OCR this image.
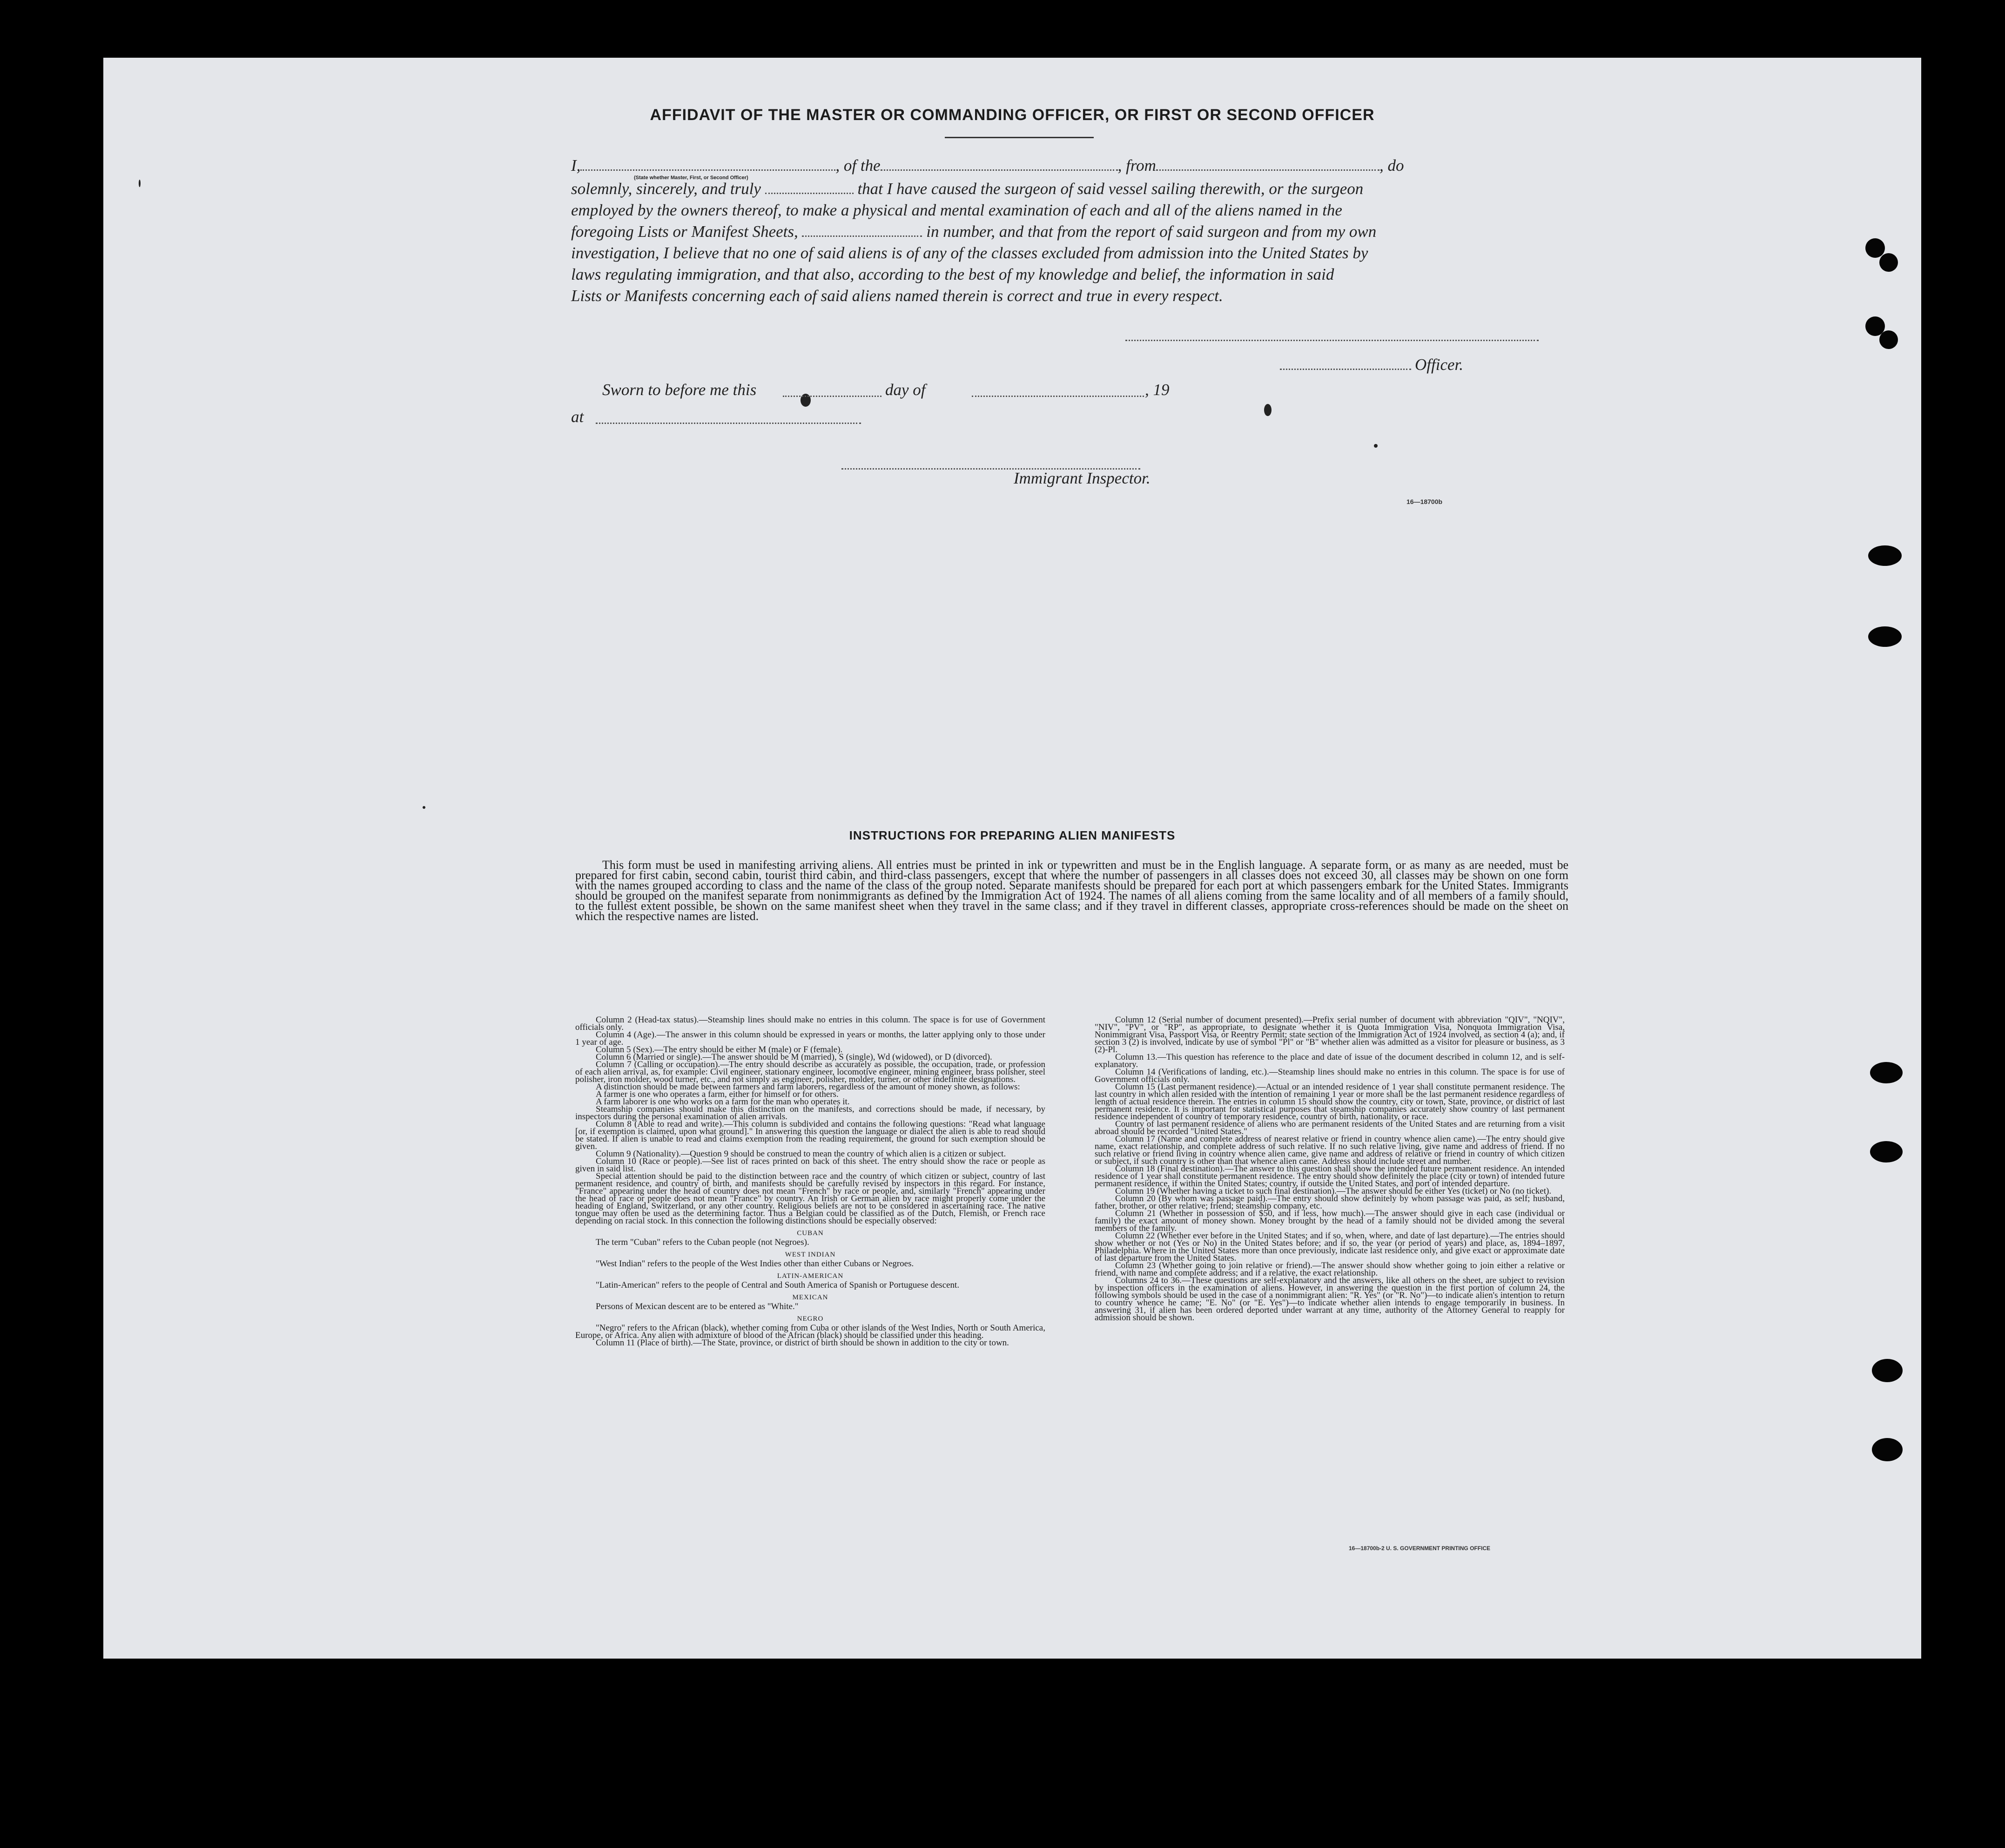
AFFIDAVIT OF THE MASTER OR COMMANDING OFFICER, OR FIRST OR SECOND OFFICER
I,	, of the	, from	, do
(State whether Master, First, or Second Officer)
solemnly, sincerely, and truly	that I have caused the surgeon of said vessel sailing therewith, or the surgeon
employed by the owners thereof, to make a physical and mental examination of each and all of the aliens named in the
foregoing Lists or Manifest Sheets,	in number, and that from the report of said surgeon and from my own
investigation, I believe that no one of said aliens is of any of the classes excluded from admission into the United States by
laws regulating immigration, and that also, according to the best of my knowledge and belief, the information in said
Lists or Manifests concerning each of said aliens named therein is correct and true in every respect.
Officer.
Sworn to before me this	day of	, 19
at
Immigrant Inspector.
16—18700b
INSTRUCTIONS FOR PREPARING ALIEN MANIFESTS
This form must be used in manifesting arriving aliens. All entries must be printed in ink or typewritten and must be in the English language. A separate form, or as many as are needed, must be prepared for first cabin, second cabin, tourist third cabin, and third-class passengers, except that where the number of passengers in all classes does not exceed 30, all classes may be shown on one form with the names grouped according to class and the name of the class of the group noted. Separate manifests should be prepared for each port at which passengers embark for the United States. Immigrants should be grouped on the manifest separate from nonimmigrants as defined by the Immigration Act of 1924. The names of all aliens coming from the same locality and of all members of a family should, to the fullest extent possible, be shown on the same manifest sheet when they travel in the same class; and if they travel in different classes, appropriate cross-references should be made on the sheet on which the respective names are listed.

Column 2 (Head-tax status).—Steamship lines should make no entries in this column. The space is for use of Government officials only.

Column 4 (Age).—The answer in this column should be expressed in years or months, the latter applying only to those under 1 year of age.

Column 5 (Sex).—The entry should be either M (male) or F (female).

Column 6 (Married or single).—The answer should be M (married), S (single), Wd (widowed), or D (divorced).

Column 7 (Calling or occupation).—The entry should describe as accurately as possible, the occupation, trade, or profession of each alien arrival, as, for example: Civil engineer, stationary engineer, locomotive engineer, mining engineer, brass polisher, steel polisher, iron molder, wood turner, etc., and not simply as engineer, polisher, molder, turner, or other indefinite designations.

A distinction should be made between farmers and farm laborers, regardless of the amount of money shown, as follows:

A farmer is one who operates a farm, either for himself or for others.

A farm laborer is one who works on a farm for the man who operates it.

Steamship companies should make this distinction on the manifests, and corrections should be made, if necessary, by inspectors during the personal examination of alien arrivals.

Column 8 (Able to read and write).—This column is subdivided and contains the following questions: "Read what language [or, if exemption is claimed, upon what ground]." In answering this question the language or dialect the alien is able to read should be stated. If alien is unable to read and claims exemption from the reading requirement, the ground for such exemption should be given.

Column 9 (Nationality).—Question 9 should be construed to mean the country of which alien is a citizen or subject.

Column 10 (Race or people).—See list of races printed on back of this sheet. The entry should show the race or people as given in said list.

Special attention should be paid to the distinction between race and the country of which citizen or subject, country of last permanent residence, and country of birth, and manifests should be carefully revised by inspectors in this regard. For instance, "France" appearing under the head of country does not mean "French" by race or people, and, similarly "French" appearing under the head of race or people does not mean "France" by country. An Irish or German alien by race might properly come under the heading of England, Switzerland, or any other country. Religious beliefs are not to be considered in ascertaining race. The native tongue may often be used as the determining factor. Thus a Belgian could be classified as of the Dutch, Flemish, or French race depending on racial stock. In this connection the following distinctions should be especially observed:

CUBAN

The term "Cuban" refers to the Cuban people (not Negroes).

WEST INDIAN

"West Indian" refers to the people of the West Indies other than either Cubans or Negroes.

LATIN-AMERICAN

"Latin-American" refers to the people of Central and South America of Spanish or Portuguese descent.

MEXICAN

Persons of Mexican descent are to be entered as "White."

NEGRO

"Negro" refers to the African (black), whether coming from Cuba or other islands of the West Indies, North or South America, Europe, or Africa. Any alien with admixture of blood of the African (black) should be classified under this heading.

Column 11 (Place of birth).—The State, province, or district of birth should be shown in addition to the city or town.

Column 12 (Serial number of document presented).—Prefix serial number of document with abbreviation "QIV", "NQIV", "NIV", "PV", or "RP", as appropriate, to designate whether it is Quota Immigration Visa, Nonquota Immigration Visa, Nonimmigrant Visa, Passport Visa, or Reentry Permit; state section of the Immigration Act of 1924 involved, as section 4 (a); and, if section 3 (2) is involved, indicate by use of symbol "Pl" or "B" whether alien was admitted as a visitor for pleasure or business, as 3 (2)-Pl.

Column 13.—This question has reference to the place and date of issue of the document described in column 12, and is self-explanatory.

Column 14 (Verifications of landing, etc.).—Steamship lines should make no entries in this column. The space is for use of Government officials only.

Column 15 (Last permanent residence).—Actual or an intended residence of 1 year shall constitute permanent residence. The last country in which alien resided with the intention of remaining 1 year or more shall be the last permanent residence regardless of length of actual residence therein. The entries in column 15 should show the country, city or town, State, province, or district of last permanent residence. It is important for statistical purposes that steamship companies accurately show country of last permanent residence independent of country of temporary residence, country of birth, nationality, or race.

Country of last permanent residence of aliens who are permanent residents of the United States and are returning from a visit abroad should be recorded "United States."

Column 17 (Name and complete address of nearest relative or friend in country whence alien came).—The entry should give name, exact relationship, and complete address of such relative. If no such relative living, give name and address of friend. If no such relative or friend living in country whence alien came, give name and address of relative or friend in country of which citizen or subject, if such country is other than that whence alien came. Address should include street and number.

Column 18 (Final destination).—The answer to this question shall show the intended future permanent residence. An intended residence of 1 year shall constitute permanent residence. The entry should show definitely the place (city or town) of intended future permanent residence, if within the United States; country, if outside the United States, and port of intended departure.

Column 19 (Whether having a ticket to such final destination).—The answer should be either Yes (ticket) or No (no ticket).

Column 20 (By whom was passage paid).—The entry should show definitely by whom passage was paid, as self; husband, father, brother, or other relative; friend; steamship company, etc.

Column 21 (Whether in possession of $50, and if less, how much).—The answer should give in each case (individual or family) the exact amount of money shown. Money brought by the head of a family should not be divided among the several members of the family.

Column 22 (Whether ever before in the United States; and if so, when, where, and date of last departure).—The entries should show whether or not (Yes or No) in the United States before; and if so, the year (or period of years) and place, as, 1894–1897, Philadelphia. Where in the United States more than once previously, indicate last residence only, and give exact or approximate date of last departure from the United States.

Column 23 (Whether going to join relative or friend).—The answer should show whether going to join either a relative or friend, with name and complete address; and if a relative, the exact relationship.

Columns 24 to 36.—These questions are self-explanatory and the answers, like all others on the sheet, are subject to revision by inspection officers in the examination of aliens. However, in answering the question in the first portion of column 24, the following symbols should be used in the case of a nonimmigrant alien: "R. Yes" (or "R. No")—to indicate alien's intention to return to country whence he came; "E. No" (or "E. Yes")—to indicate whether alien intends to engage temporarily in business. In answering 31, if alien has been ordered deported under warrant at any time, authority of the Attorney General to reapply for admission should be shown.

16—18700b-2 U. S. GOVERNMENT PRINTING OFFICE
